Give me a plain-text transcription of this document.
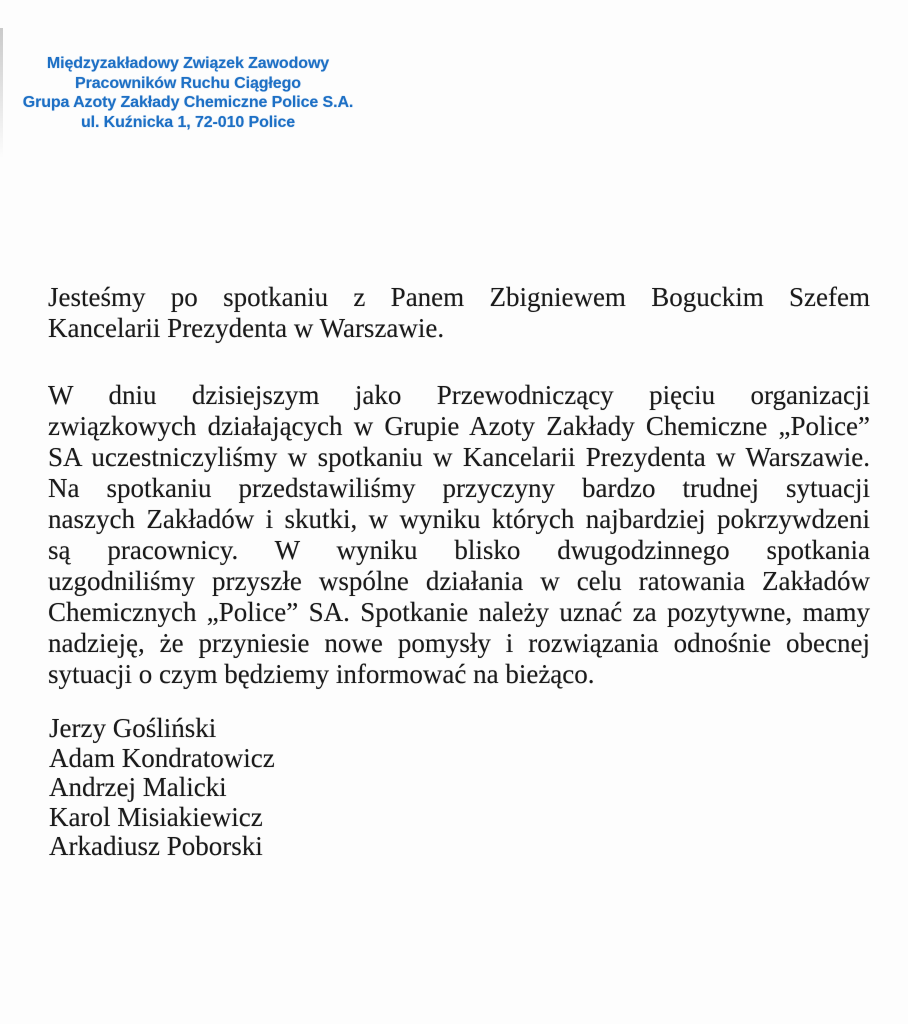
Międzyzakładowy Związek Zawodowy
Pracowników Ruchu Ciągłego
Grupa Azoty Zakłady Chemiczne Police S.A.
ul. Kuźnicka 1, 72-010 Police
Jesteśmy po spotkaniu z Panem Zbigniewem Boguckim Szefem
Kancelarii Prezydenta w Warszawie.
W dniu dzisiejszym jako Przewodniczący pięciu organizacji
związkowych działających w Grupie Azoty Zakłady Chemiczne „Police”
SA uczestniczyliśmy w spotkaniu w Kancelarii Prezydenta w Warszawie.
Na spotkaniu przedstawiliśmy przyczyny bardzo trudnej sytuacji
naszych Zakładów i skutki, w wyniku których najbardziej pokrzywdzeni
są pracownicy. W wyniku blisko dwugodzinnego spotkania
uzgodniliśmy przyszłe wspólne działania w celu ratowania Zakładów
Chemicznych „Police” SA. Spotkanie należy uznać za pozytywne, mamy
nadzieję, że przyniesie nowe pomysły i rozwiązania odnośnie obecnej
sytuacji o czym będziemy informować na bieżąco.
Jerzy Gośliński
Adam Kondratowicz
Andrzej Malicki
Karol Misiakiewicz
Arkadiusz Poborski
